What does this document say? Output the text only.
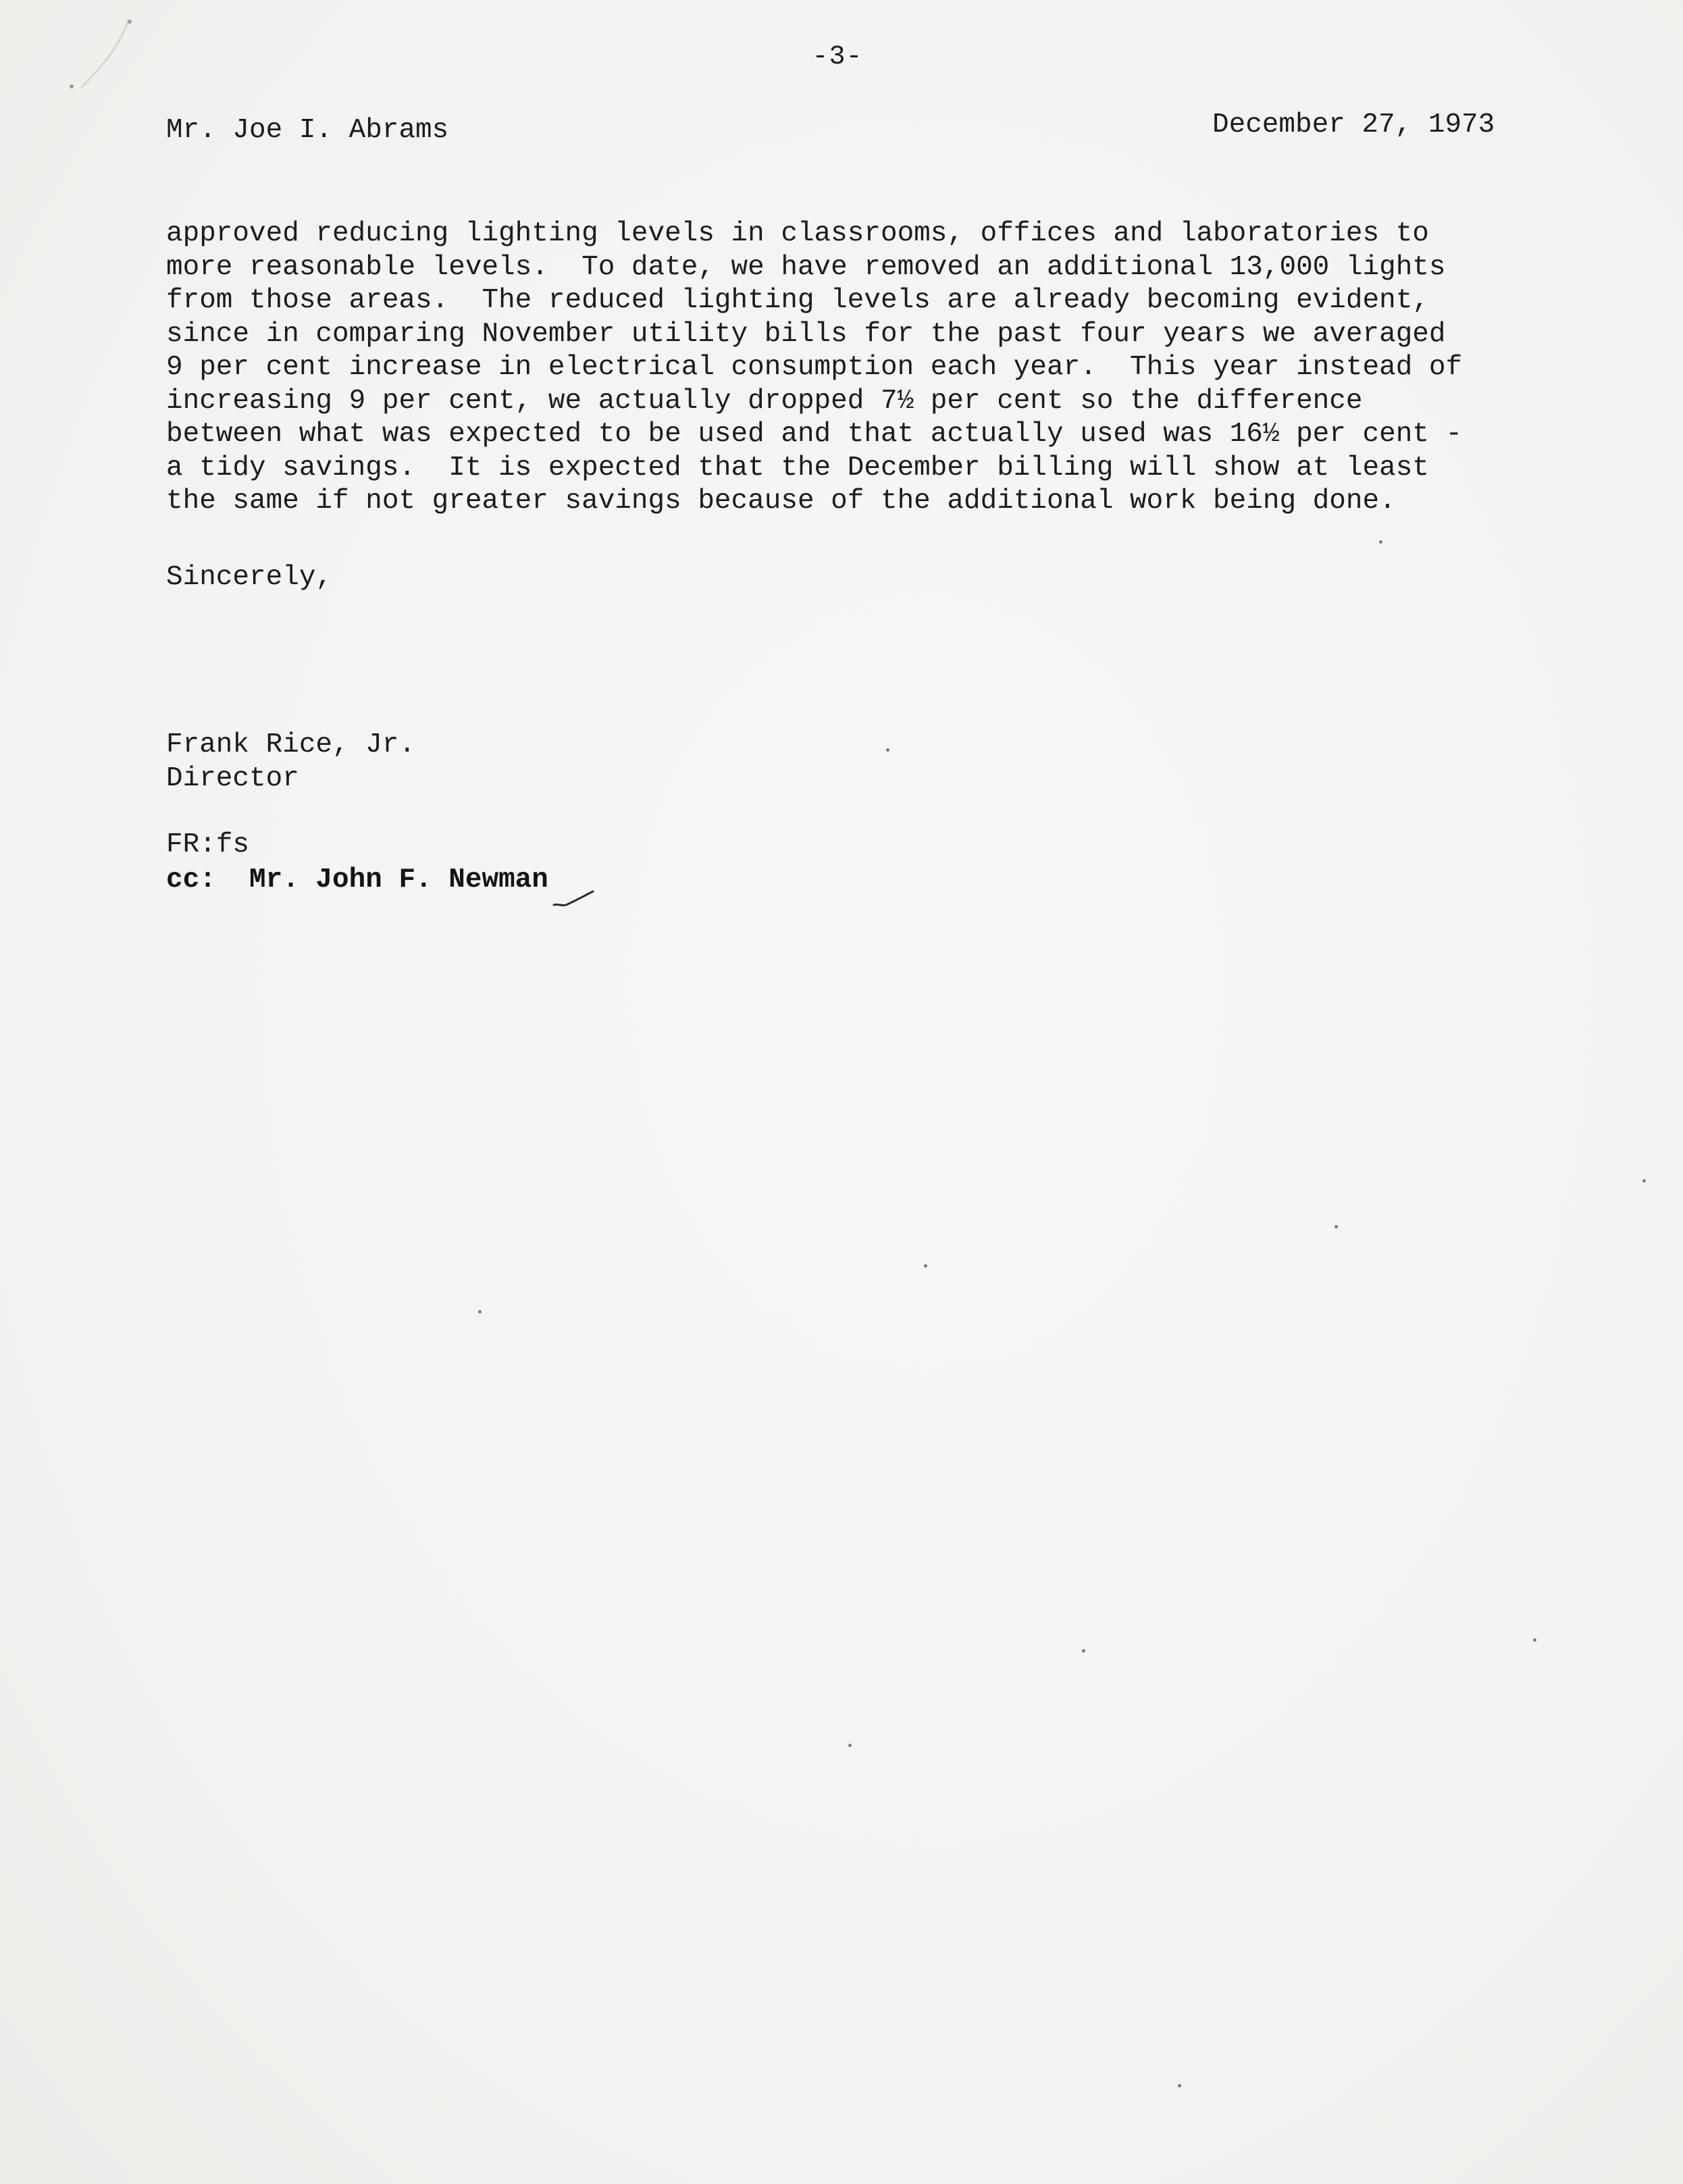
-3-
Mr. Joe I. Abrams	December 27, 1973
approved reducing lighting levels in classrooms, offices and laboratories to
more reasonable levels.  To date, we have removed an additional 13,000 lights
from those areas.  The reduced lighting levels are already becoming evident,
since in comparing November utility bills for the past four years we averaged
9 per cent increase in electrical consumption each year.  This year instead of
increasing 9 per cent, we actually dropped 7½ per cent so the difference
between what was expected to be used and that actually used was 16½ per cent -
a tidy savings.  It is expected that the December billing will show at least
the same if not greater savings because of the additional work being done.
Sincerely,
Frank Rice, Jr.
Director
FR:fs
cc:  Mr. John F. Newman
